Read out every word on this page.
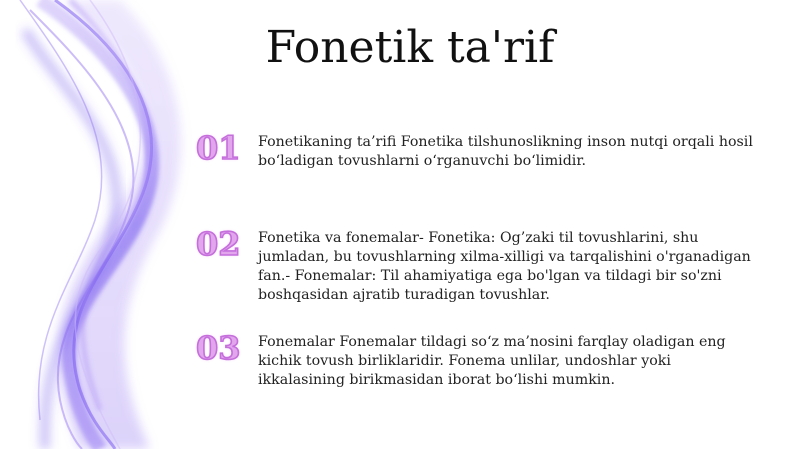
Fonetik ta'rif
01	Fonetikaning ta’rifi Fonetika tilshunoslikning inson nutqi orqali hosil bo‘ladigan tovushlarni o‘rganuvchi bo‘limidir.
02	Fonetika va fonemalar- Fonetika: Og’zaki til tovushlarini, shu jumladan, bu tovushlarning xilma-xilligi va tarqalishini o'rganadigan fan.- Fonemalar: Til ahamiyatiga ega bo'lgan va tildagi bir so'zni boshqasidan ajratib turadigan tovushlar.
03	Fonemalar Fonemalar tildagi so‘z ma’nosini farqlay oladigan eng kichik tovush birliklaridir. Fonema unlilar, undoshlar yoki ikkalasining birikmasidan iborat bo‘lishi mumkin.
